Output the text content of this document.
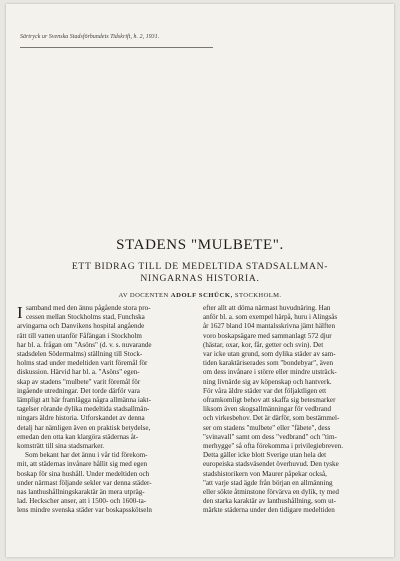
Särtryck ur Svenska Stadsförbundets Tidskrift, h. 2, 1931.
STADENS "MULBETE".
ETT BIDRAG TILL DE MEDELTIDA STADSALLMAN-
NINGARNAS HISTORIA.
AV DOCENTEN ADOLF SCHÜCK, STOCKHOLM.
I samband med den ännu pågående stora pro-
cessen mellan Stockholms stad, Funchska
arvingarna och Danvikens hospital angående
rätt till vatten utanför Fåfängan i Stockholm
har bl. a. frågan om "Asöns" (d. v. s. nuvarande
stadsdelen Södermalms) ställning till Stock-
holms stad under medeltiden varit föremål för
diskussion. Härvid har bl. a. "Asöns" egen-
skap av stadens "mulbete" varit föremål för
ingående utredningar. Det torde därför vara
lämpligt att här framlägga några allmänna iakt-
tagelser rörande dylika medeltida stadsallmän-
ningars äldre historia. Utforskandet av denna
detalj har nämligen även en praktisk betydelse,
emedan den otta kan klargöra städernas åt-
komsträtt till sina stadsmarker.
Som bekant har det ännu i vår tid förekom-
mit, att städernas invånare hållit sig med egen
boskap för sina hushåll. Under medeltiden och
under närmast följande sekler var denna städer-
nas lanthushållningskaraktär än mera utpräg-
lad. Heckscher anser, att i 1500- och 1600-ta-
lens mindre svenska städer var boskapsskötseln
efter allt att döma närmast huvudnäring. Han
anför bl. a. som exempel härpå, huru i Alingsås
år 1627 bland 104 mantalsskrivna jämt hälften
voro boskapsägare med sammanlagt 572 djur
(hästar, oxar, kor, får, getter och svin). Det
var icke utan grund, som dylika städer av sam-
tiden karaktäriserades som "bondebyar", även
om dess invånare i större eller mindre utsträck-
ning livnärde sig av köpenskap och hantverk.
För våra äldre städer var det följaktligen ett
oframkomligt behov att skaffa sig betesmarker
liksom även skogsallmänningar för vedbrand
och virkesbehov. Det är därför, som bestämmel-
ser om stadens "mulbete" eller "fäbete", dess
"svinavall" samt om dess "vedbrand" och "tim-
merhygge" så ofta förekomma i privilegiebreven.
Detta gäller icke blott Sverige utan hela det
europeiska stadsväsendet överhuvud. Den tyske
stadshistorikern von Maurer påpekar också,
"att varje stad ägde från början en allmänning
eller sökte åtminstone förvärva en dylik, ty med
den starka karaktär av lanthushållning, som ut-
märkte städerna under den tidigare medeltiden
